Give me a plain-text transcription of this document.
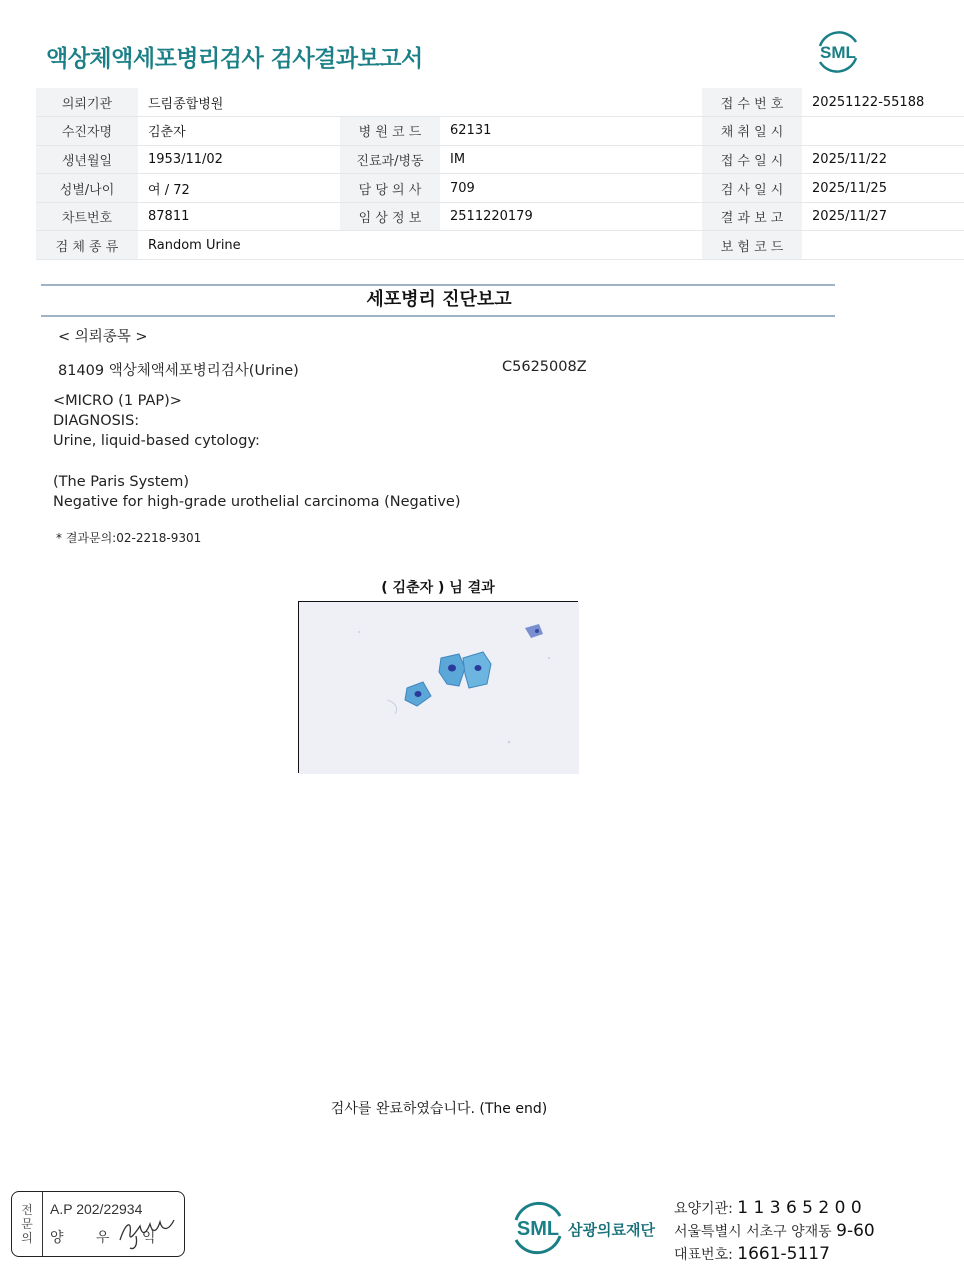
액상체액세포병리검사 검사결과보고서	SML
의뢰기관	드림종합병원				접 수 번 호	20251122-55188
수진자명	김춘자	병 원 코 드	62131		채 취 일 시	
생년월일	1953/11/02	진료과/병동	IM		접 수 일 시	2025/11/22
성별/나이	여 / 72	담 당 의 사	709		검 사 일 시	2025/11/25
차트번호	87811	임 상 정 보	2511220179		결 과 보 고	2025/11/27
검 체 종 류	Random Urine				보 험 코 드	
세포병리 진단보고
< 의뢰종목 >
81409 액상체액세포병리검사(Urine)	C5625008Z
<MICRO (1 PAP)>
DIAGNOSIS:
Urine, liquid-based cytology:
(The Paris System)
Negative for high-grade urothelial carcinoma (Negative)
* 결과문의:02-2218-9301
( 김춘자 ) 님 결과
검사를 완료하였습니다. (The end)
전
문
의
A.P 202/22934
양 우 익	SML 삼광의료재단
요양기관: 1 1 3 6 5 2 0 0
서울특별시 서초구 양재동 9-60
대표번호: 1661-5117
